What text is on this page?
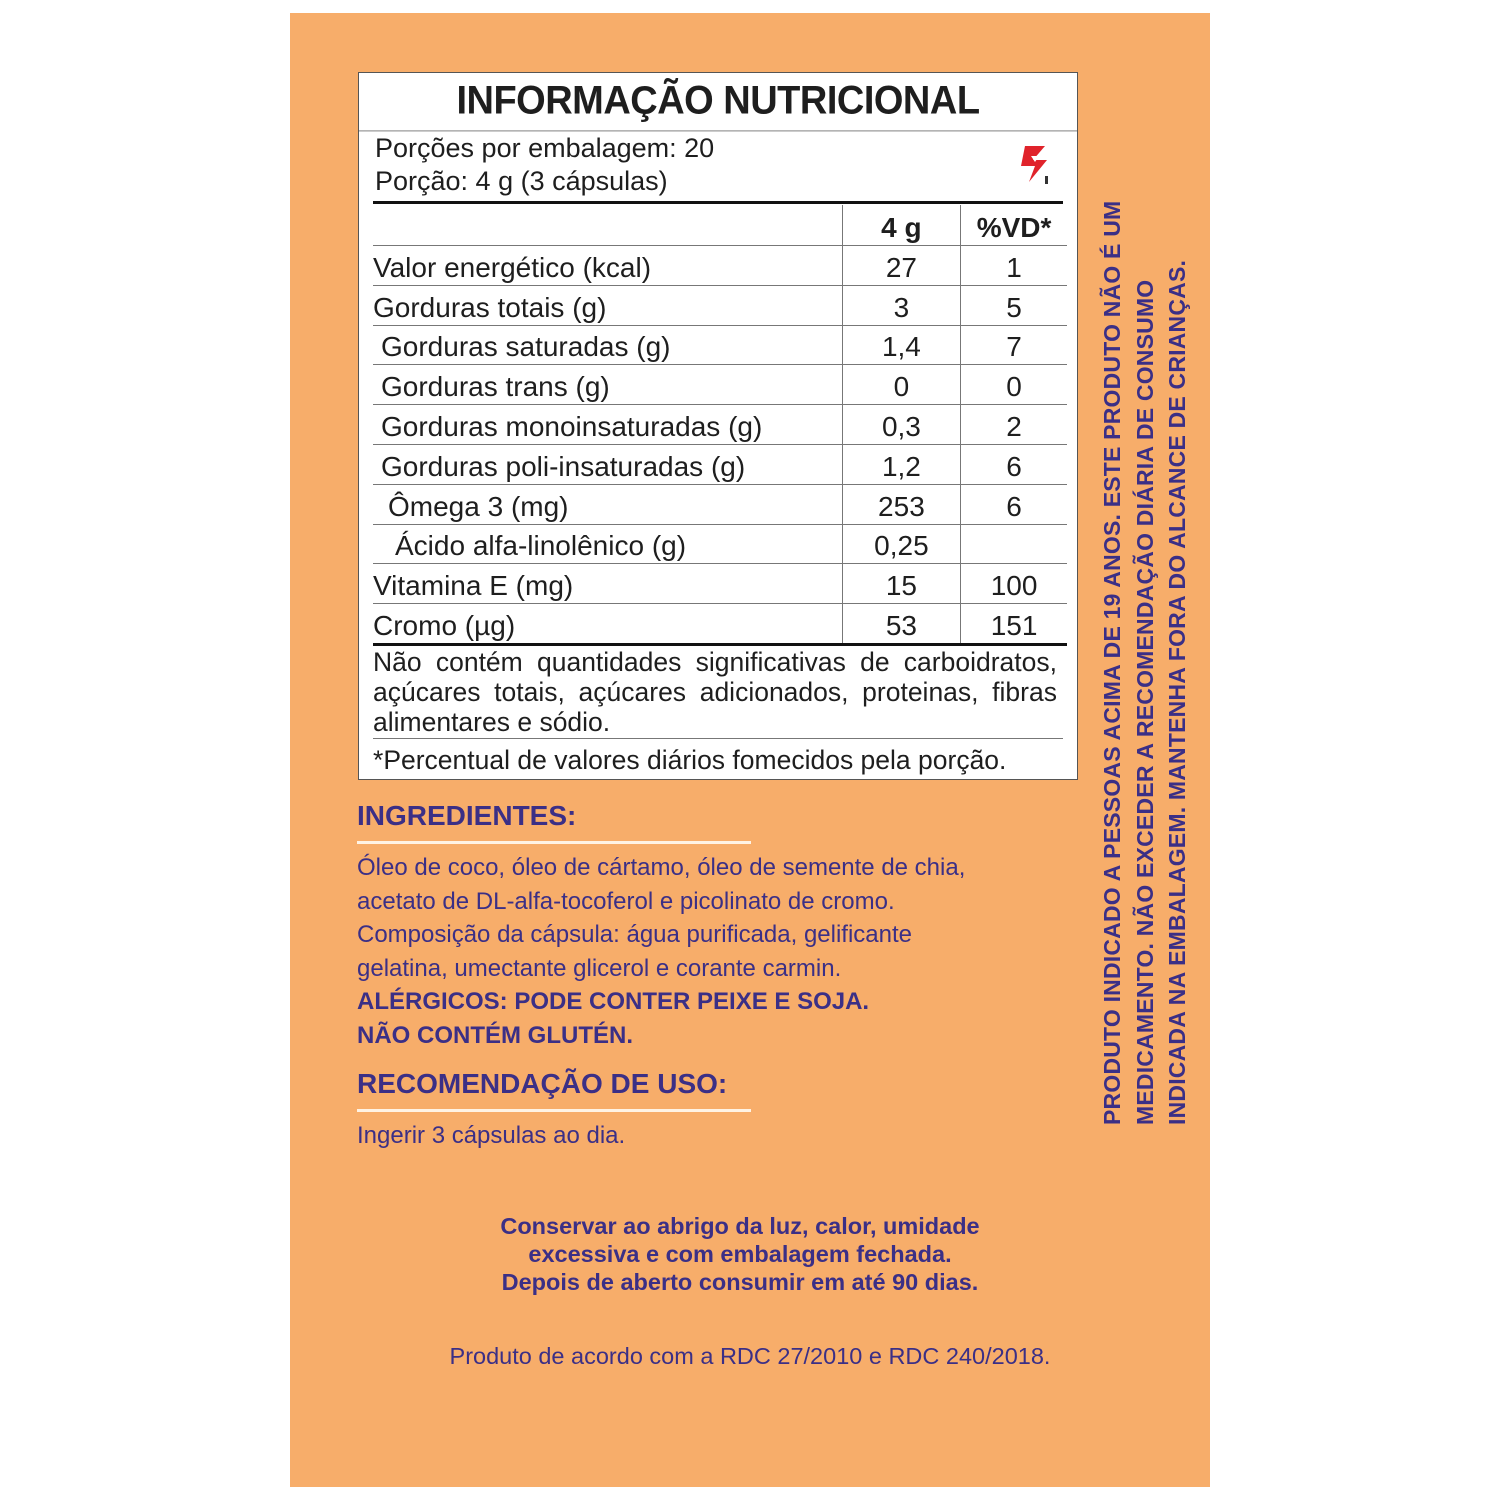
INFORMAÇÃO NUTRICIONAL
Porções por embalagem: 20
Porção: 4 g (3 cápsulas)
	4 g	%VD*
Valor energético (kcal)	27	1
Gorduras totais (g)	3	5
Gorduras saturadas (g)	1,4	7
Gorduras trans (g)	0	0
Gorduras monoinsaturadas (g)	0,3	2
Gorduras poli-insaturadas (g)	1,2	6
Ômega 3 (mg)	253	6
Ácido alfa-linolênico (g)	0,25	
Vitamina E (mg)	15	100
Cromo (µg)	53	151
Não contém quantidades significativas de carboidratos, açúcares totais, açúcares adicionados, proteinas, fibras alimentares e sódio.
*Percentual de valores diários fomecidos pela porção.
INGREDIENTES:
Óleo de coco, óleo de cártamo, óleo de semente de chia,
acetato de DL-alfa-tocoferol e picolinato de cromo.
Composição da cápsula: água purificada, gelificante
gelatina, umectante glicerol e corante carmin.
ALÉRGICOS: PODE CONTER PEIXE E SOJA.
NÃO CONTÉM GLUTÉN.
RECOMENDAÇÃO DE USO:
Ingerir 3 cápsulas ao dia.
Conservar ao abrigo da luz, calor, umidade
excessiva e com embalagem fechada.
Depois de aberto consumir em até 90 dias.
Produto de acordo com a RDC 27/2010 e RDC 240/2018.
PRODUTO INDICADO A PESSOAS ACIMA DE 19 ANOS. ESTE PRODUTO NÃO É UM MEDICAMENTO. NÃO EXCEDER A RECOMENDAÇÃO DIÁRIA DE CONSUMO INDICADA NA EMBALAGEM. MANTENHA FORA DO ALCANCE DE CRIANÇAS.
